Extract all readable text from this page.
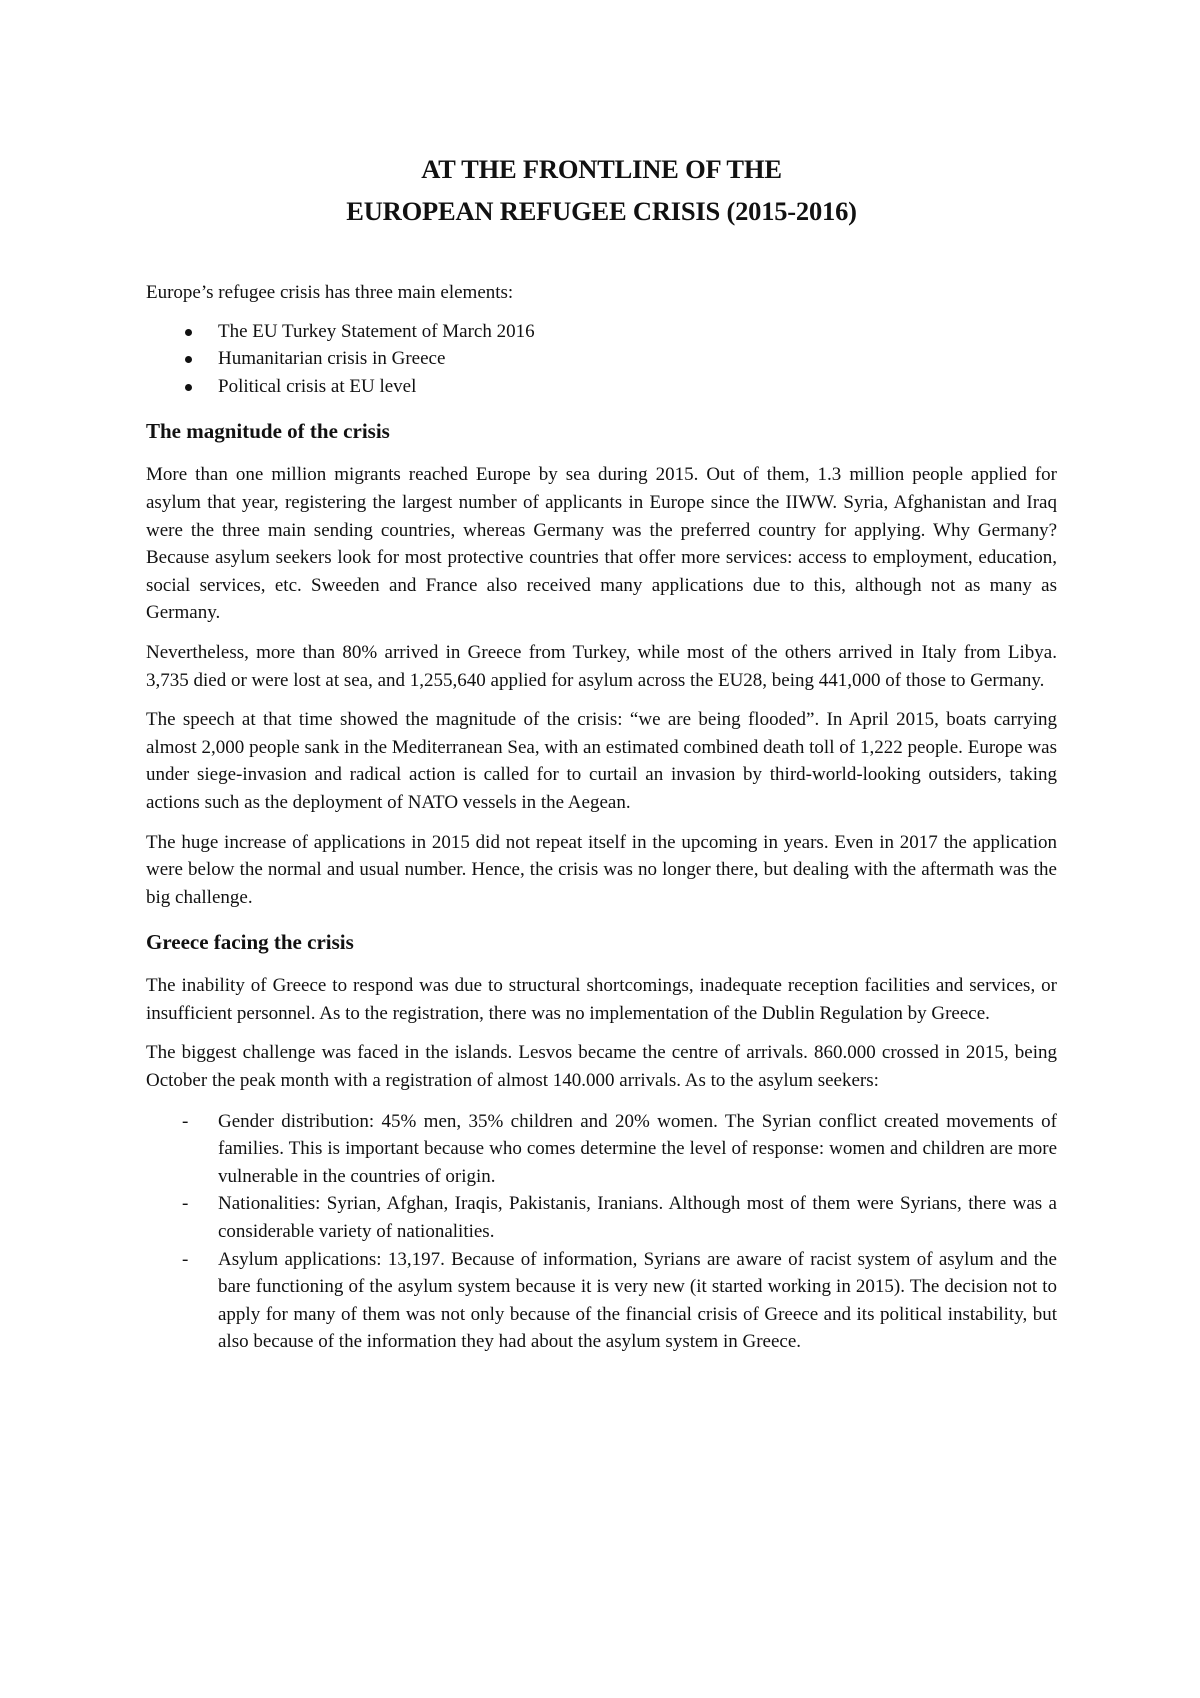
AT THE FRONTLINE OF THE
EUROPEAN REFUGEE CRISIS (2015-2016)

Europe’s refugee crisis has three main elements:

The EU Turkey Statement of March 2016
Humanitarian crisis in Greece
Political crisis at EU level
The magnitude of the crisis

More than one million migrants reached Europe by sea during 2015. Out of them, 1.3 million people applied for asylum that year, registering the largest number of applicants in Europe since the IIWW. Syria, Afghanistan and Iraq were the three main sending countries, whereas Germany was the preferred country for applying. Why Germany? Because asylum seekers look for most protective countries that offer more services: access to employment, education, social services, etc. Sweeden and France also received many applications due to this, although not as many as Germany.

Nevertheless, more than 80% arrived in Greece from Turkey, while most of the others arrived in Italy from Libya. 3,735 died or were lost at sea, and 1,255,640 applied for asylum across the EU28, being 441,000 of those to Germany.

The speech at that time showed the magnitude of the crisis: “we are being flooded”. In April 2015, boats carrying almost 2,000 people sank in the Mediterranean Sea, with an estimated combined death toll of 1,222 people. Europe was under siege-invasion and radical action is called for to curtail an invasion by third-world-looking outsiders, taking actions such as the deployment of NATO vessels in the Aegean.

The huge increase of applications in 2015 did not repeat itself in the upcoming in years. Even in 2017 the application were below the normal and usual number. Hence, the crisis was no longer there, but dealing with the aftermath was the big challenge.

Greece facing the crisis

The inability of Greece to respond was due to structural shortcomings, inadequate reception facilities and services, or insufficient personnel. As to the registration, there was no implementation of the Dublin Regulation by Greece.

The biggest challenge was faced in the islands. Lesvos became the centre of arrivals. 860.000 crossed in 2015, being October the peak month with a registration of almost 140.000 arrivals. As to the asylum seekers:

- Gender distribution: 45% men, 35% children and 20% women. The Syrian conflict created movements of families. This is important because who comes determine the level of response: women and children are more vulnerable in the countries of origin.
- Nationalities: Syrian, Afghan, Iraqis, Pakistanis, Iranians. Although most of them were Syrians, there was a considerable variety of nationalities.
- Asylum applications: 13,197. Because of information, Syrians are aware of racist system of asylum and the bare functioning of the asylum system because it is very new (it started working in 2015). The decision not to apply for many of them was not only because of the financial crisis of Greece and its political instability, but also because of the information they had about the asylum system in Greece.
